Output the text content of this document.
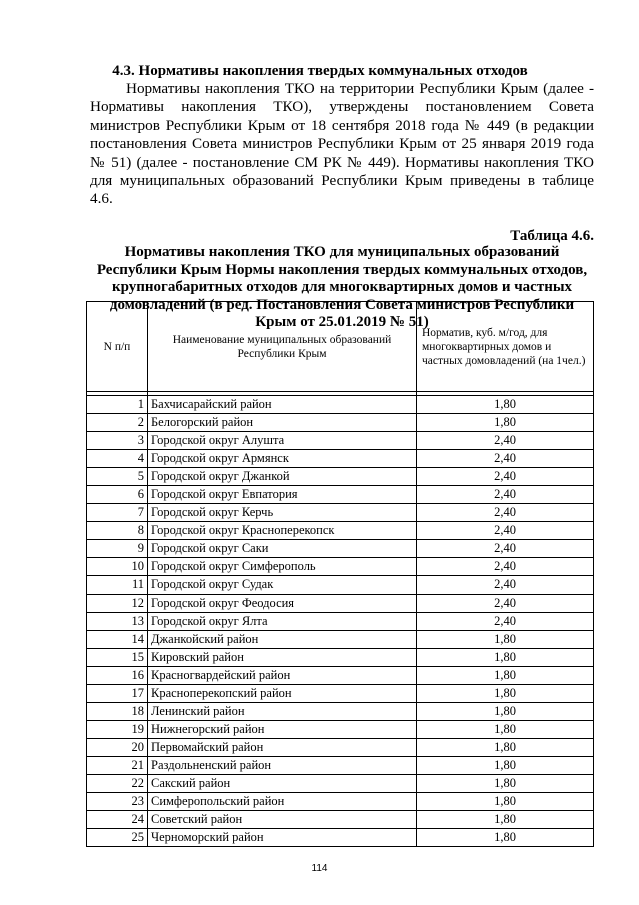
4.3. Нормативы накопления твердых коммунальных отходов
Нормативы накопления ТКО на территории Республики Крым (далее - Нормативы накопления ТКО), утверждены постановлением Совета министров Республики Крым от 18 сентября 2018 года № 449 (в редакции постановления Совета министров Республики Крым от 25 января 2019 года № 51) (далее - постановление СМ РК № 449). Нормативы накопления ТКО для муниципальных образований Республики Крым приведены в таблице 4.6.
Таблица 4.6.
Нормативы накопления ТКО для муниципальных образований Республики Крым Нормы накопления твердых коммунальных отходов, крупногабаритных отходов для многоквартирных домов и частных домовладений (в ред. Постановления Совета министров Республики Крым от 25.01.2019 № 51)
N п/п	Наименование муниципальных образований Республики Крым	Норматив, куб. м/год, для многоквартирных домов и частных домовладений (на 1чел.)

1	Бахчисарайский район	1,80
2	Белогорский район	1,80
3	Городской округ Алушта	2,40
4	Городской округ Армянск	2,40
5	Городской округ Джанкой	2,40
6	Городской округ Евпатория	2,40
7	Городской округ Керчь	2,40
8	Городской округ Красноперекопск	2,40
9	Городской округ Саки	2,40
10	Городской округ Симферополь	2,40
11	Городской округ Судак	2,40
12	Городской округ Феодосия	2,40
13	Городской округ Ялта	2,40
14	Джанкойский район	1,80
15	Кировский район	1,80
16	Красногвардейский район	1,80
17	Красноперекопский район	1,80
18	Ленинский район	1,80
19	Нижнегорский район	1,80
20	Первомайский район	1,80
21	Раздольненский район	1,80
22	Сакский район	1,80
23	Симферопольский район	1,80
24	Советский район	1,80
25	Черноморский район	1,80
114
